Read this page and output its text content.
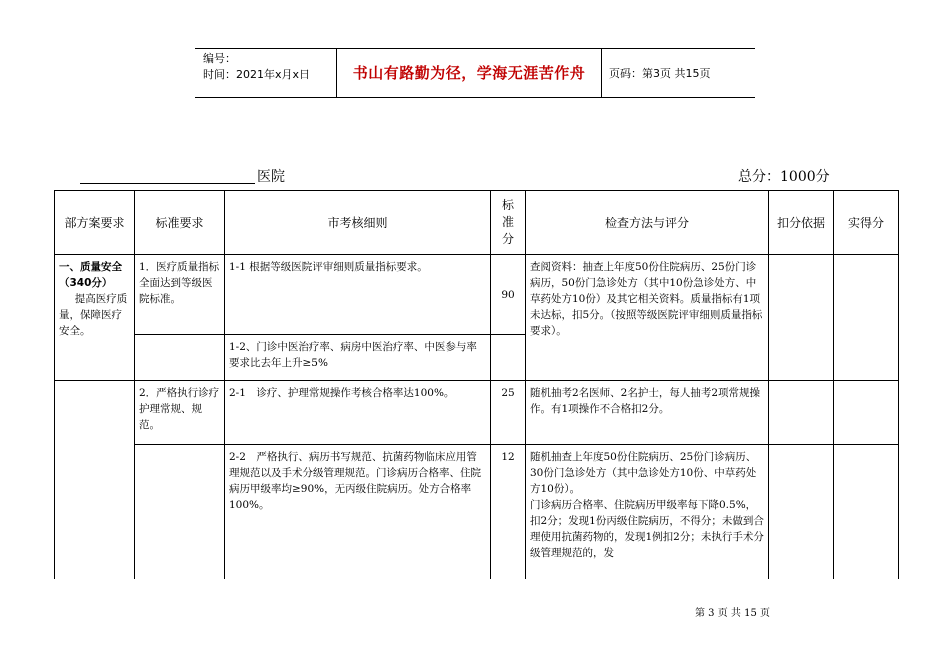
编号：
时间：2021年x月x日	书山有路勤为径，学海无涯苦作舟	页码：第3页 共15页
医院	总分：1000分
部方案要求	标准要求	市考核细则	标准分	检查方法与评分	扣分依据	实得分

一、质量安全（340分）
提高医疗质量，保障医疗安全。	1．医疗质量指标全面达到等级医院标准。	1-1 根据等级医院评审细则质量指标要求。	90	查阅资料：抽查上年度50份住院病历、25份门诊病历，50份门急诊处方（其中10份急诊处方、中草药处方10份）及其它相关资料。质量指标有1项未达标，扣5分。（按照等级医院评审细则质量指标要求）。		

		1-2、门诊中医治疗率、病房中医治疗率、中医参与率要求比去年上升≥5%				

	2．严格执行诊疗护理常规、规范。	2-1　诊疗、护理常规操作考核合格率达100%。	25	随机抽考2名医师、2名护士，每人抽考2项常规操作。有1项操作不合格扣2分。		

		2-2　严格执行、病历书写规范、抗菌药物临床应用管理规范以及手术分级管理规范。门诊病历合格率、住院病历甲级率均≥90%，无丙级住院病历。处方合格率100%。	12	随机抽查上年度50份住院病历、25份门诊病历、30份门急诊处方（其中急诊处方10份、中草药处方10份）。
门诊病历合格率、住院病历甲级率每下降0.5%，扣2分；发现1份丙级住院病历，不得分；未做到合理使用抗菌药物的，发现1例扣2分；未执行手术分级管理规范的，发		

第 3 页 共 15 页
